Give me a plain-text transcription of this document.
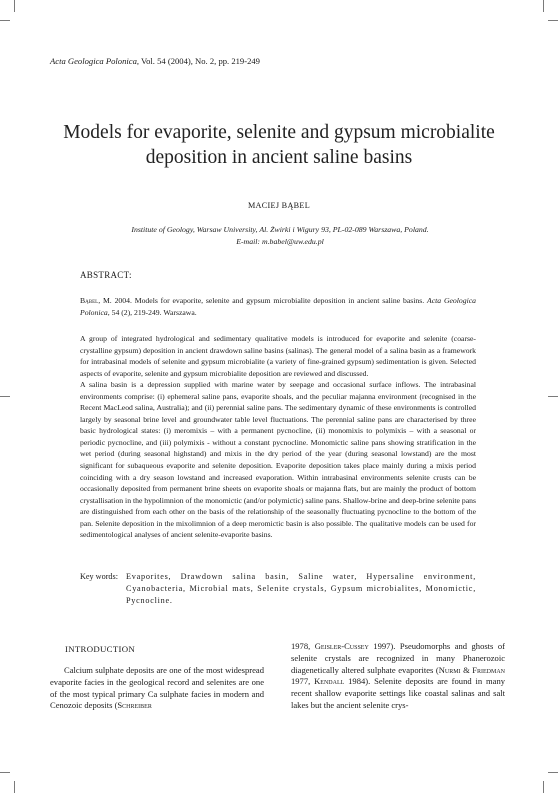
Acta Geologica Polonica, Vol. 54 (2004), No. 2, pp. 219-249
Models for evaporite, selenite and gypsum microbialite
deposition in ancient saline basins
MACIEJ BĄBEL
Institute of Geology, Warsaw University, Al. Żwirki i Wigury 93, PL-02-089 Warszawa, Poland.
E-mail: m.babel@uw.edu.pl
ABSTRACT:
Bąbel, M. 2004. Models for evaporite, selenite and gypsum microbialite deposition in ancient saline basins. Acta Geologica Polonica, 54 (2), 219-249. Warszawa.

A group of integrated hydrological and sedimentary qualitative models is introduced for evaporite and selenite (coarse-crystalline gypsum) deposition in ancient drawdown saline basins (salinas). The general model of a salina basin as a framework for intrabasinal models of selenite and gypsum microbialite (a variety of fine-grained gypsum) sedimentation is given. Selected aspects of evaporite, selenite and gypsum microbialite deposition are reviewed and discussed.

A salina basin is a depression supplied with marine water by seepage and occasional surface inflows. The intrabasinal environments comprise: (i) ephemeral saline pans, evaporite shoals, and the peculiar majanna environment (recognised in the Recent MacLeod salina, Australia); and (ii) perennial saline pans. The sedimentary dynamic of these environments is controlled largely by seasonal brine level and groundwater table level fluctuations. The perennial saline pans are characterised by three basic hydrological states: (i) meromixis – with a permanent pycnocline, (ii) monomixis to polymixis – with a seasonal or periodic pycnocline, and (iii) polymixis - without a constant pycnocline. Monomictic saline pans showing stratification in the wet period (during seasonal highstand) and mixis in the dry period of the year (during seasonal lowstand) are the most significant for subaqueous evaporite and selenite deposition. Evaporite deposition takes place mainly during a mixis period coinciding with a dry season lowstand and increased evaporation. Within intrabasinal environments selenite crusts can be occasionally deposited from permanent brine sheets on evaporite shoals or majanna flats, but are mainly the product of bottom crystallisation in the hypolimnion of the monomictic (and/or polymictic) saline pans. Shallow-brine and deep-brine selenite pans are distinguished from each other on the basis of the relationship of the seasonally fluctuating pycnocline to the bottom of the pan. Selenite deposition in the mixolimnion of a deep meromictic basin is also possible. The qualitative models can be used for sedimentological analyses of ancient selenite-evaporite basins.

Key words: Evaporites, Drawdown salina basin, Saline water, Hypersaline environment, Cyanobacteria, Microbial mats, Selenite crystals, Gypsum microbialites, Monomictic, Pycnocline.
INTRODUCTION
Calcium sulphate deposits are one of the most widespread evaporite facies in the geological record and selenites are one of the most typical primary Ca sulphate facies in modern and Cenozoic deposits (Schreiber
1978, Geisler-Cussey 1997). Pseudomorphs and ghosts of selenite crystals are recognized in many Phanerozoic diagenetically altered sulphate evaporites (Nurmi & Friedman 1977, Kendall 1984). Selenite deposits are found in many recent shallow evaporite settings like coastal salinas and salt lakes but the ancient selenite crys-
